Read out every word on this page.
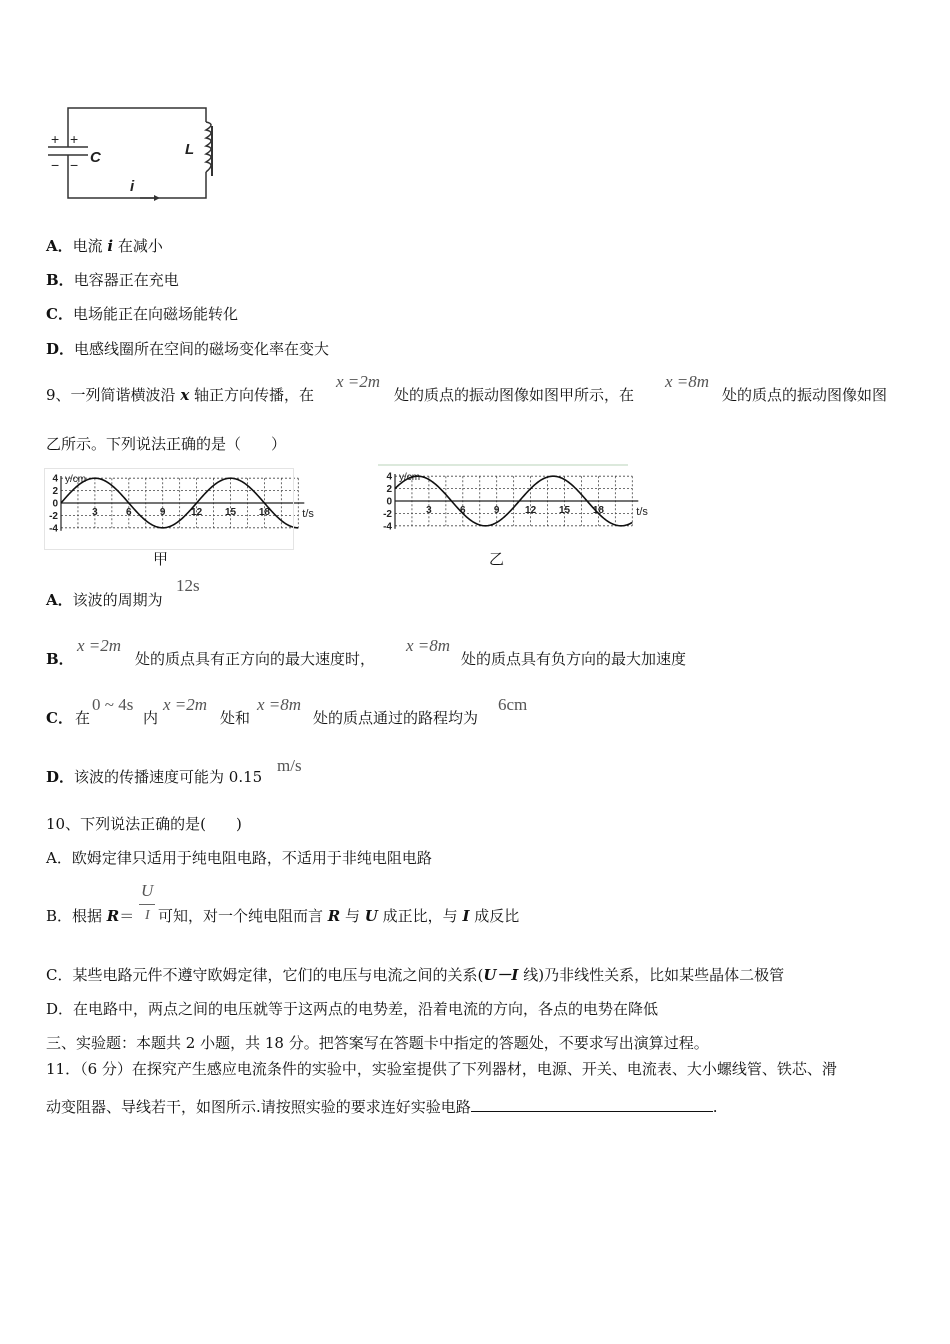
+ +
− − C	L
i
A．电流 i 在减小
B．电容器正在充电
C．电场能正在向磁场能转化
D．电感线圈所在空间的磁场变化率在变大
9、一列简谐横波沿 x 轴正方向传播，在
x =2m
处的质点的振动图像如图甲所示，在
x =8m
处的质点的振动图像如图
乙所示。下列说法正确的是（　　）
y/cm
t/s
4
2
0
-2
-4
3	6	9	12 15 18
甲
y/cm
t/s
4
2
0
-2
-4
3	6	9	12 15 18
乙
A．该波的周期为
12s
B．
x =2m
处的质点具有正方向的最大速度时，
x =8m
处的质点具有负方向的最大加速度
C． 在
0 ~ 4s
内
x =2m
处和
x =8m
处的质点通过的路程均为
6cm
D．该波的传播速度可能为 0.15
m/s
10、下列说法正确的是(　　)
A．欧姆定律只适用于纯电阻电路，不适用于非纯电阻电路
B．根据 R＝
U
I 可知，对一个纯电阻而言 R 与 U 成正比，与 I 成反比
C．某些电路元件不遵守欧姆定律，它们的电压与电流之间的关系(U－I 线)乃非线性关系，比如某些晶体二极管
D．在电路中，两点之间的电压就等于这两点的电势差，沿着电流的方向，各点的电势在降低
三、实验题：本题共 2 小题，共 18 分。把答案写在答题卡中指定的答题处，不要求写出演算过程。
11．（6 分）在探究产生感应电流条件的实验中，实验室提供了下列器材，电源、开关、电流表、大小螺线管、铁芯、滑
动变阻器、导线若干，如图所示.请按照实验的要求连好实验电路	.
